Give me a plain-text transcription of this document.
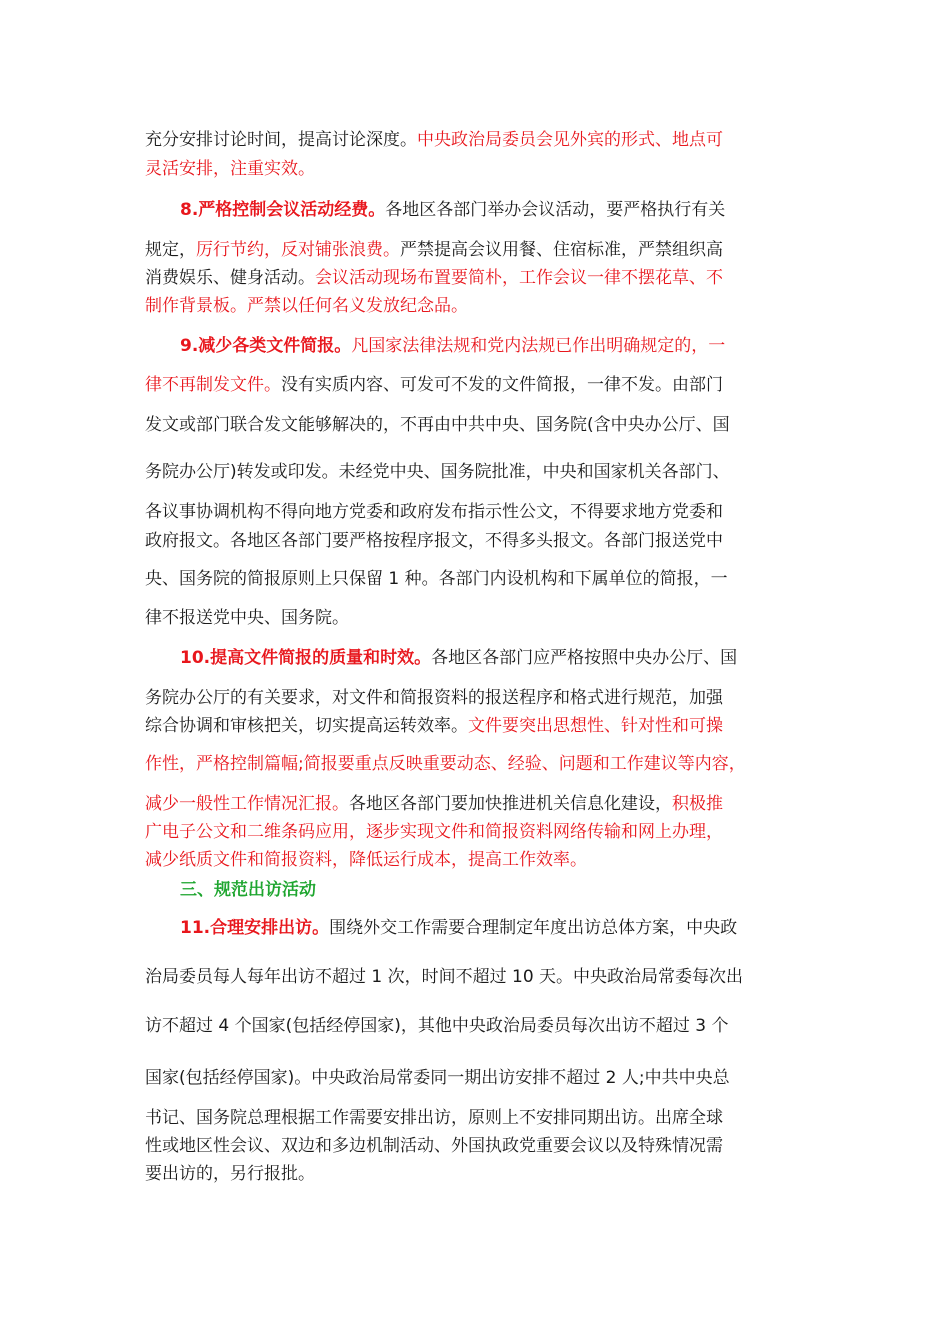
充分安排讨论时间，提高讨论深度。中央政治局委员会见外宾的形式、地点可
灵活安排，注重实效。
8.严格控制会议活动经费。各地区各部门举办会议活动，要严格执行有关
规定，厉行节约，反对铺张浪费。严禁提高会议用餐、住宿标准，严禁组织高
消费娱乐、健身活动。会议活动现场布置要简朴，工作会议一律不摆花草、不
制作背景板。严禁以任何名义发放纪念品。
9.减少各类文件简报。凡国家法律法规和党内法规已作出明确规定的，一
律不再制发文件。没有实质内容、可发可不发的文件简报，一律不发。由部门
发文或部门联合发文能够解决的，不再由中共中央、国务院(含中央办公厅、国
务院办公厅)转发或印发。未经党中央、国务院批准，中央和国家机关各部门、
各议事协调机构不得向地方党委和政府发布指示性公文，不得要求地方党委和
政府报文。各地区各部门要严格按程序报文，不得多头报文。各部门报送党中
央、国务院的简报原则上只保留 1 种。各部门内设机构和下属单位的简报，一
律不报送党中央、国务院。
10.提高文件简报的质量和时效。各地区各部门应严格按照中央办公厅、国
务院办公厅的有关要求，对文件和简报资料的报送程序和格式进行规范，加强
综合协调和审核把关，切实提高运转效率。文件要突出思想性、针对性和可操
作性，严格控制篇幅;简报要重点反映重要动态、经验、问题和工作建议等内容，
减少一般性工作情况汇报。各地区各部门要加快推进机关信息化建设，积极推
广电子公文和二维条码应用，逐步实现文件和简报资料网络传输和网上办理，
减少纸质文件和简报资料，降低运行成本，提高工作效率。
三、规范出访活动
11.合理安排出访。围绕外交工作需要合理制定年度出访总体方案，中央政
治局委员每人每年出访不超过 1 次，时间不超过 10 天。中央政治局常委每次出
访不超过 4 个国家(包括经停国家)，其他中央政治局委员每次出访不超过 3 个
国家(包括经停国家)。中央政治局常委同一期出访安排不超过 2 人;中共中央总
书记、国务院总理根据工作需要安排出访，原则上不安排同期出访。出席全球
性或地区性会议、双边和多边机制活动、外国执政党重要会议以及特殊情况需
要出访的，另行报批。
